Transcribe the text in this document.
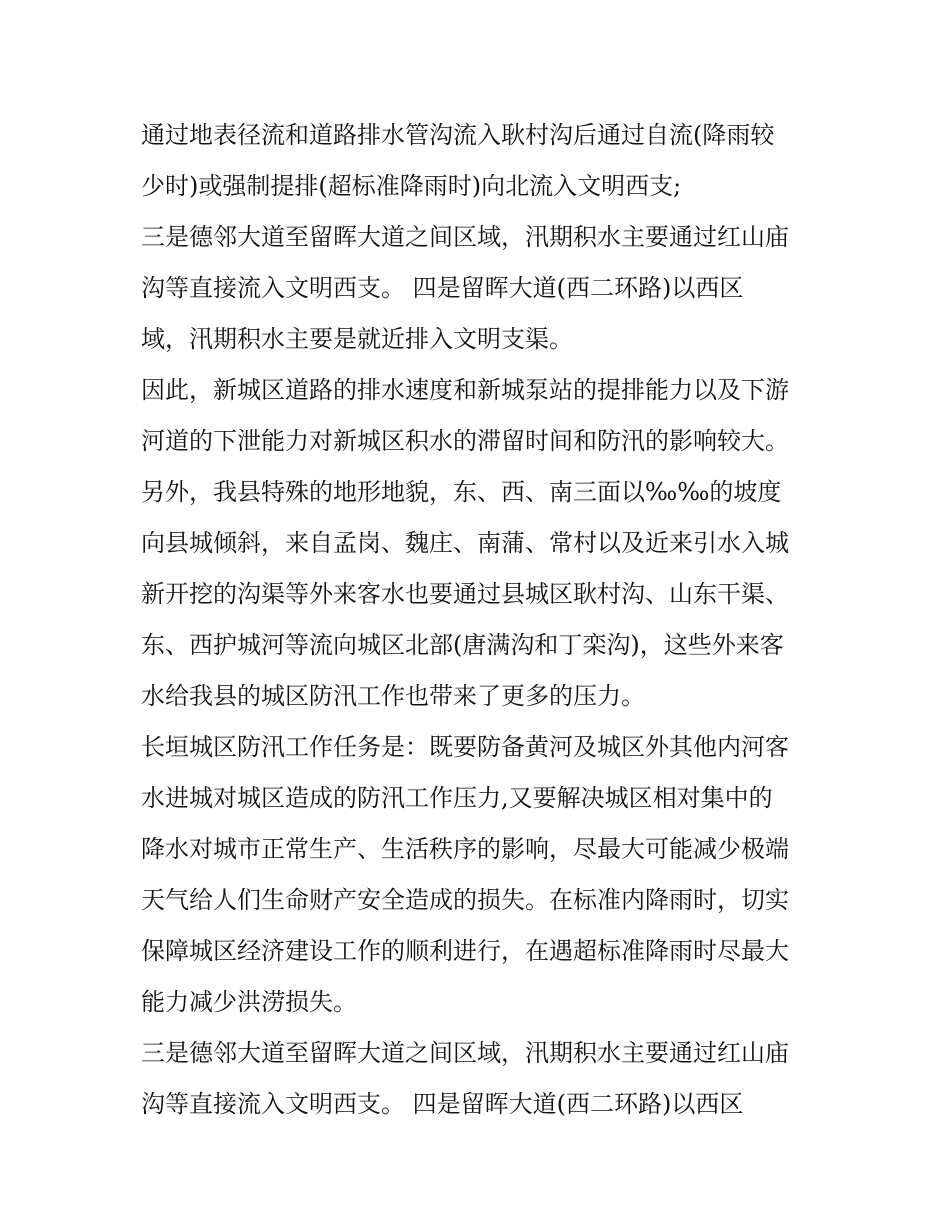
通过地表径流和道路排水管沟流入耿村沟后通过自流(降雨较
少时)或强制提排(超标准降雨时)向北流入文明西支;
三是德邻大道至留晖大道之间区域，汛期积水主要通过红山庙
沟等直接流入文明西支。 四是留晖大道(西二环路)以西区
域，汛期积水主要是就近排入文明支渠。
因此，新城区道路的排水速度和新城泵站的提排能力以及下游
河道的下泄能力对新城区积水的滞留时间和防汛的影响较大。
另外，我县特殊的地形地貌，东、西、南三面以‰‰的坡度
向县城倾斜，来自孟岗、魏庄、南蒲、常村以及近来引水入城
新开挖的沟渠等外来客水也要通过县城区耿村沟、山东干渠、
东、西护城河等流向城区北部(唐满沟和丁栾沟)，这些外来客
水给我县的城区防汛工作也带来了更多的压力。
长垣城区防汛工作任务是：既要防备黄河及城区外其他内河客
水进城对城区造成的防汛工作压力,又要解决城区相对集中的
降水对城市正常生产、生活秩序的影响，尽最大可能减少极端
天气给人们生命财产安全造成的损失。在标准内降雨时，切实
保障城区经济建设工作的顺利进行，在遇超标准降雨时尽最大
能力减少洪涝损失。
三是德邻大道至留晖大道之间区域，汛期积水主要通过红山庙
沟等直接流入文明西支。 四是留晖大道(西二环路)以西区
